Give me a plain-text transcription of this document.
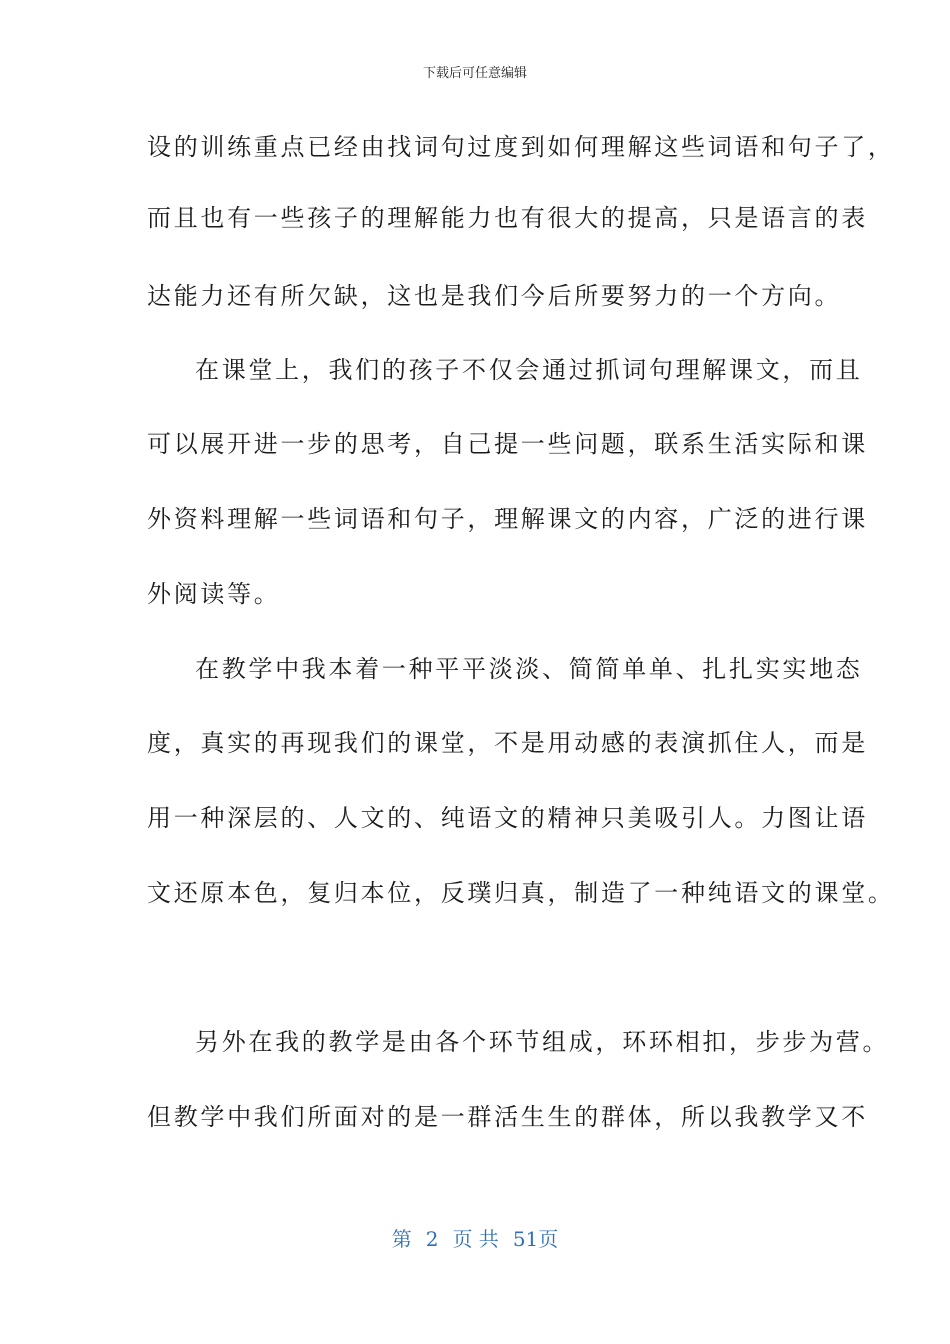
下载后可任意编辑
设的训练重点已经由找词句过度到如何理解这些词语和句子了，
而且也有一些孩子的理解能力也有很大的提高，只是语言的表
达能力还有所欠缺，这也是我们今后所要努力的一个方向。
在课堂上，我们的孩子不仅会通过抓词句理解课文，而且
可以展开进一步的思考，自己提一些问题，联系生活实际和课
外资料理解一些词语和句子，理解课文的内容，广泛的进行课
外阅读等。
在教学中我本着一种平平淡淡、简简单单、扎扎实实地态
度，真实的再现我们的课堂，不是用动感的表演抓住人，而是
用一种深层的、人文的、纯语文的精神只美吸引人。力图让语
文还原本色，复归本位，反璞归真，制造了一种纯语文的课堂。
另外在我的教学是由各个环节组成，环环相扣，步步为营。
但教学中我们所面对的是一群活生生的群体，所以我教学又不
第 2 页 共 51页
